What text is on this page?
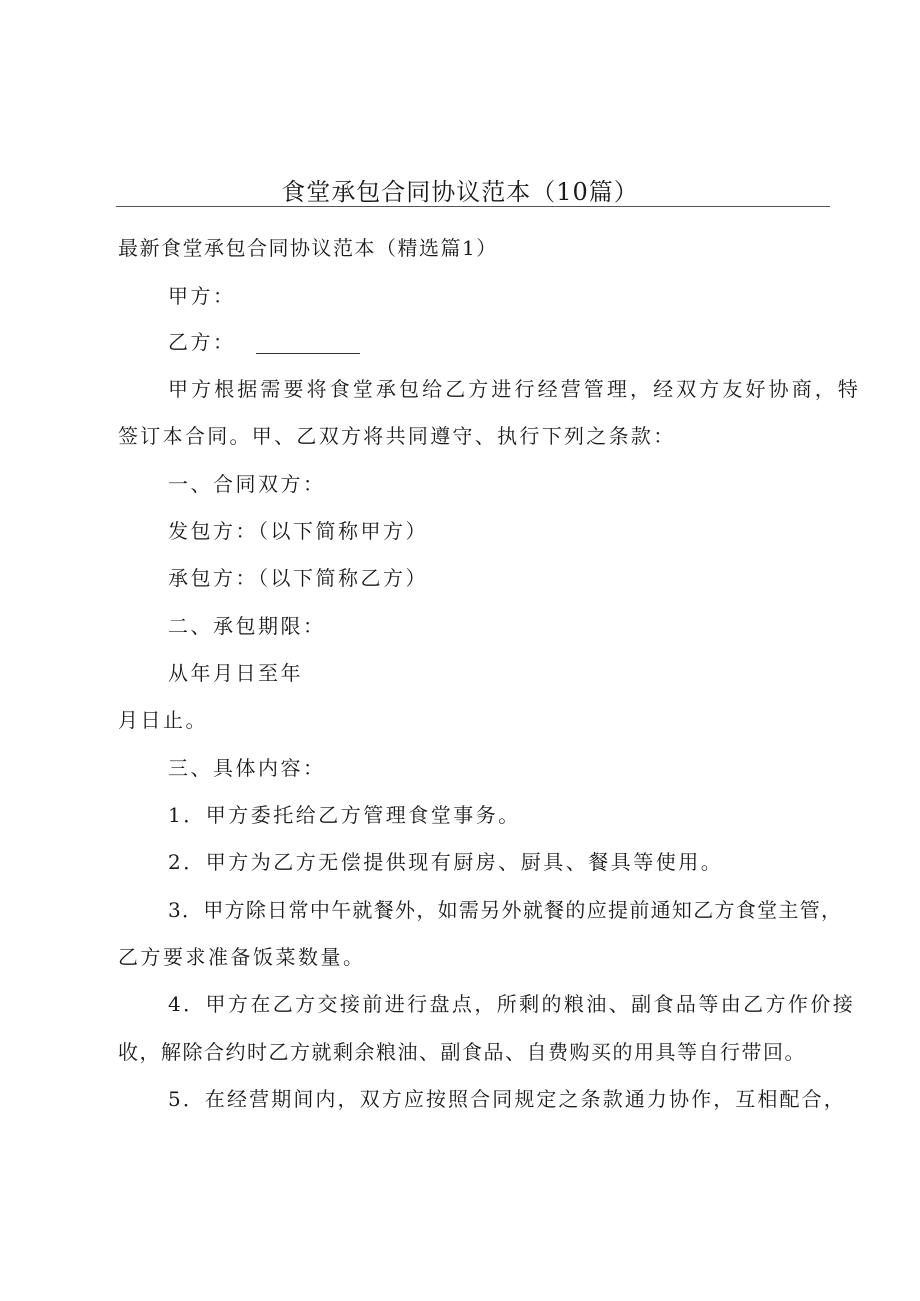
食堂承包合同协议范本（10篇）
最新食堂承包合同协议范本（精选篇1）
甲方：
乙方：
甲方根据需要将食堂承包给乙方进行经营管理，经双方友好协商，特
签订本合同。甲、乙双方将共同遵守、执行下列之条款：
一、合同双方：
发包方：（以下简称甲方）
承包方：（以下简称乙方）
二、承包期限：
从年月日至年
月日止。
三、具体内容：
1．甲方委托给乙方管理食堂事务。
2．甲方为乙方无偿提供现有厨房、厨具、餐具等使用。
3．甲方除日常中午就餐外，如需另外就餐的应提前通知乙方食堂主管，
乙方要求准备饭菜数量。
4．甲方在乙方交接前进行盘点，所剩的粮油、副食品等由乙方作价接
收，解除合约时乙方就剩余粮油、副食品、自费购买的用具等自行带回。
5．在经营期间内，双方应按照合同规定之条款通力协作，互相配合，
